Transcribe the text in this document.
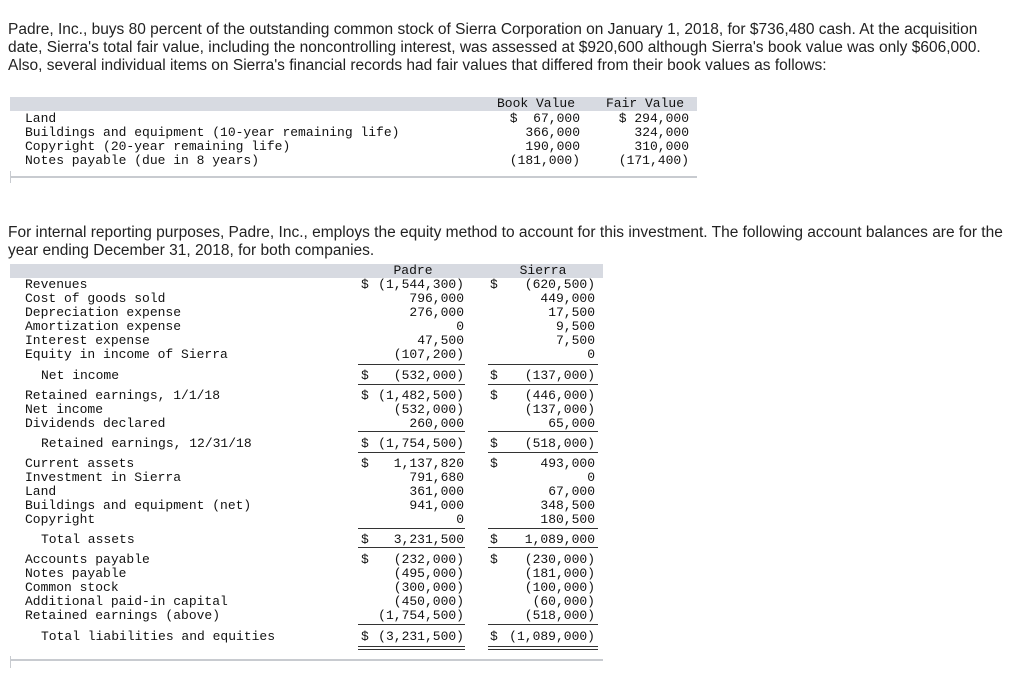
Padre, Inc., buys 80 percent of the outstanding common stock of Sierra Corporation on January 1, 2018, for $736,480 cash. At the acquisition date, Sierra's total fair value, including the noncontrolling interest, was assessed at $920,600 although Sierra's book value was only $606,000. Also, several individual items on Sierra's financial records had fair values that differed from their book values as follows:

Book Value	Fair Value
Land	$  67,000	$ 294,000
Buildings and equipment (10-year remaining life)	366,000	324,000
Copyright (20-year remaining life)	190,000	310,000
Notes payable (due in 8 years)	(181,000)	(171,400)

For internal reporting purposes, Padre, Inc., employs the equity method to account for this investment. The following account balances are for the year ending December 31, 2018, for both companies.

Padre	Sierra
Revenues	$ (1,544,300) $	(620,500)
Cost of goods sold	796,000	449,000
Depreciation expense	276,000	17,500
Amortization expense	0	9,500
Interest expense	47,500	7,500
Equity in income of Sierra	(107,200)	0
Net income	$	(532,000) $	(137,000)
Retained earnings, 1/1/18	$ (1,482,500) $	(446,000)
Net income	(532,000)	(137,000)
Dividends declared	260,000	65,000
Retained earnings, 12/31/18	$ (1,754,500) $	(518,000)
Current assets	$	1,137,820 $	493,000
Investment in Sierra	791,680	0
Land	361,000	67,000
Buildings and equipment (net)	941,000	348,500
Copyright	0	180,500
Total assets	$	3,231,500 $	1,089,000
Accounts payable	$	(232,000) $	(230,000)
Notes payable	(495,000)	(181,000)
Common stock	(300,000)	(100,000)
Additional paid-in capital	(450,000)	(60,000)
Retained earnings (above)	(1,754,500)	(518,000)
Total liabilities and equities	$ (3,231,500) $ (1,089,000)
